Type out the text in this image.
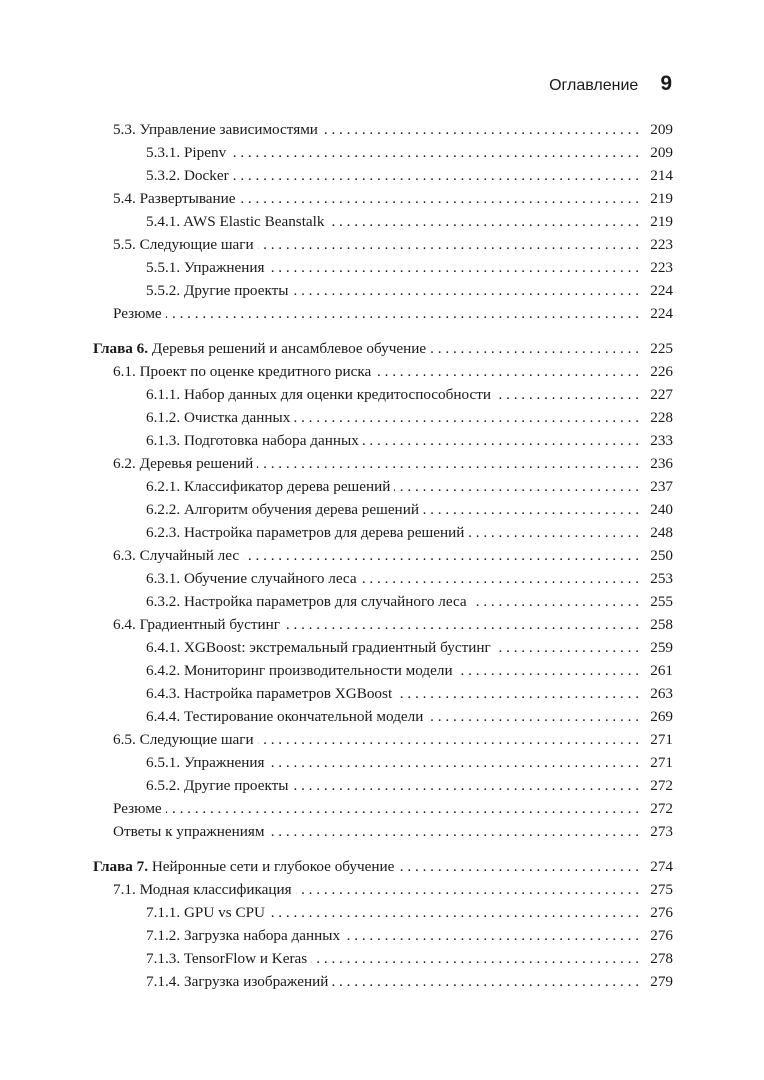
Оглавление 9
5.3. Управление зависимостями . . .	209
5.3.1. Pipenv . . .	209
5.3.2. Docker . . .	214
5.4. Развертывание . . .	219
5.4.1. AWS Elastic Beanstalk . . .	219
5.5. Следующие шаги . . .	223
5.5.1. Упражнения . . .	223
5.5.2. Другие проекты . . .	224
Резюме . . .	224
Глава 6.
Деревья решений и ансамблевое обучение . . .	225
6.1. Проект по оценке кредитного риска . . .	226
6.1.1. Набор данных для оценки кредитоспособности . . .	227
6.1.2. Очистка данных . . .	228
6.1.3. Подготовка набора данных . . .	233
6.2. Деревья решений . . .	236
6.2.1. Классификатор дерева решений . . .	237
6.2.2. Алгоритм обучения дерева решений . . .	240
6.2.3. Настройка параметров для дерева решений . . .	248
6.3. Случайный лес . . .	250
6.3.1. Обучение случайного леса . . .	253
6.3.2. Настройка параметров для случайного леса . . .	255
6.4. Градиентный бустинг . . .	258
6.4.1. XGBoost: экстремальный градиентный бустинг . . .	259
6.4.2. Мониторинг производительности модели . . .	261
6.4.3. Настройка параметров XGBoost . . .	263
6.4.4. Тестирование окончательной модели . . .	269
6.5. Следующие шаги . . .	271
6.5.1. Упражнения . . .	271
6.5.2. Другие проекты . . .	272
Резюме . . .	272
Ответы к упражнениям . . .	273
Глава 7.
Нейронные сети и глубокое обучение . . .	274
7.1. Модная классификация . . .	275
7.1.1. GPU vs CPU . . .	276
7.1.2. Загрузка набора данных . . .	276
7.1.3. TensorFlow и Keras . . .	278
7.1.4. Загрузка изображений . . .	279
